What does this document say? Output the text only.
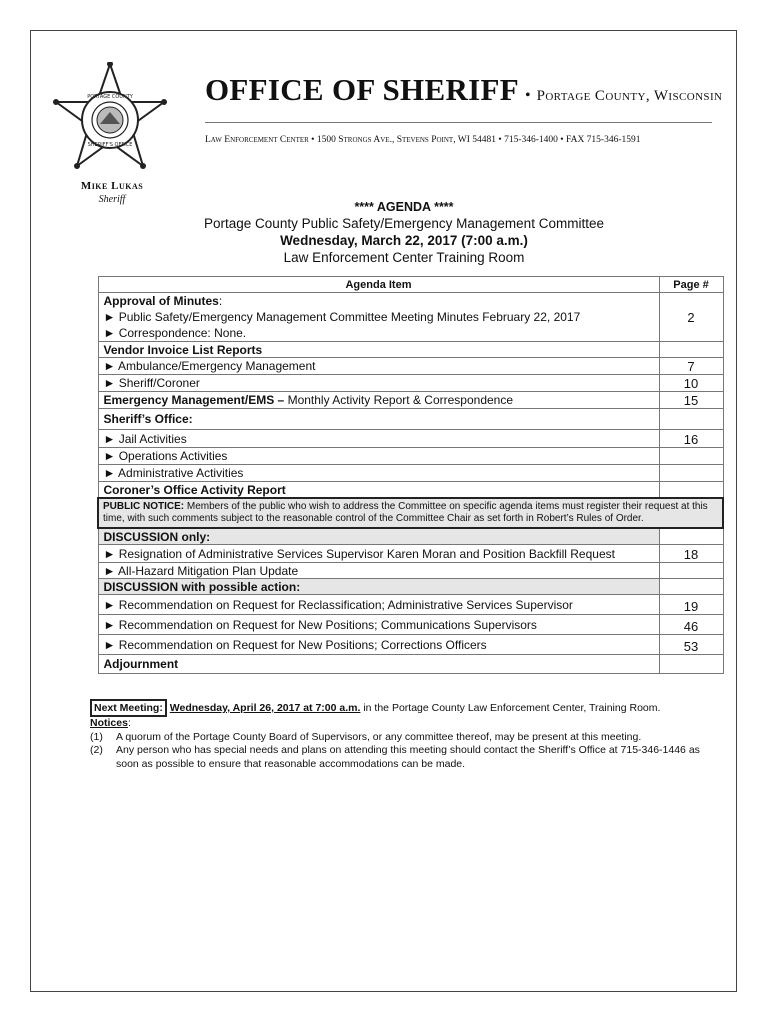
PORTAGE COUNTY
SHERIFF'S OFFICE
OFFICE OF SHERIFF • Portage County, Wisconsin
Law Enforcement Center • 1500 Strongs Ave., Stevens Point, WI 54481 • 715-346-1400 • FAX 715-346-1591
Mike Lukas
Sheriff
**** AGENDA ****
Portage County Public Safety/Emergency Management Committee
Wednesday, March 22, 2017 (7:00 a.m.)
Law Enforcement Center Training Room
Agenda Item	Page #
Approval of Minutes:	
► Public Safety/Emergency Management Committee Meeting Minutes February 22, 2017	2
► Correspondence: None.	
Vendor Invoice List Reports	
► Ambulance/Emergency Management	7
► Sheriff/Coroner	10
Emergency Management/EMS – Monthly Activity Report & Correspondence	15
Sheriff’s Office:	
► Jail Activities	16
► Operations Activities	
► Administrative Activities	
Coroner’s Office Activity Report	
PUBLIC NOTICE: Members of the public who wish to address the Committee on specific agenda items must register their request at this time, with such comments subject to the reasonable control of the Committee Chair as set forth in Robert’s Rules of Order.	
DISCUSSION only:	
► Resignation of Administrative Services Supervisor Karen Moran and Position Backfill Request	18
► All-Hazard Mitigation Plan Update	
DISCUSSION with possible action:	
► Recommendation on Request for Reclassification; Administrative Services Supervisor	19
► Recommendation on Request for New Positions; Communications Supervisors	46
► Recommendation on Request for New Positions; Corrections Officers	53
Adjournment	
Next Meeting: Wednesday, April 26, 2017 at 7:00 a.m. in the Portage County Law Enforcement Center, Training Room.
Notices:
(1)	A quorum of the Portage County Board of Supervisors, or any committee thereof, may be present at this meeting.
(2)	Any person who has special needs and plans on attending this meeting should contact the Sheriff’s Office at 715-346-1446 as soon as possible to ensure that reasonable accommodations can be made.
